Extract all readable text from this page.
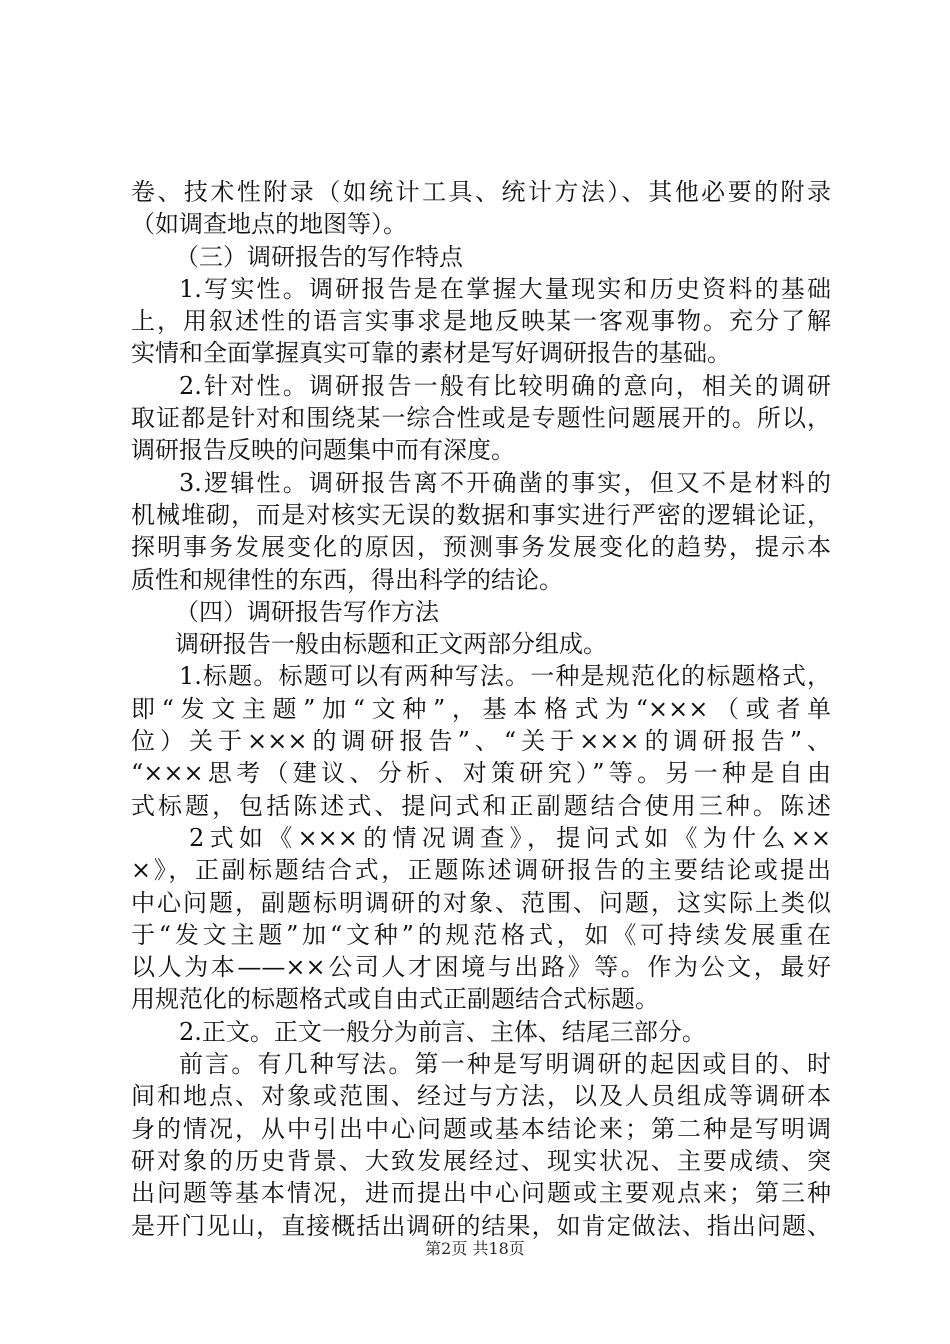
卷、技术性附录（如统计工具、统计方法）、其他必要的附录
（如调查地点的地图等）。
（三）调研报告的写作特点
1.写实性。调研报告是在掌握大量现实和历史资料的基础
上，用叙述性的语言实事求是地反映某一客观事物。充分了解
实情和全面掌握真实可靠的素材是写好调研报告的基础。
2.针对性。调研报告一般有比较明确的意向，相关的调研
取证都是针对和围绕某一综合性或是专题性问题展开的。所以，
调研报告反映的问题集中而有深度。
3.逻辑性。调研报告离不开确凿的事实，但又不是材料的
机械堆砌，而是对核实无误的数据和事实进行严密的逻辑论证，
探明事务发展变化的原因，预测事务发展变化的趋势，提示本
质性和规律性的东西，得出科学的结论。
（四）调研报告写作方法
调研报告一般由标题和正文两部分组成。
1.标题。标题可以有两种写法。一种是规范化的标题格式，
即“发文主题”加“文种”，基本格式为“×××（或者单
位）关于×××的调研报告”、“关于×××的调研报告”、
“×××思考（建议、分析、对策研究）”等。另一种是自由
式标题，包括陈述式、提问式和正副题结合使用三种。陈述
2式如《×××的情况调查》，提问式如《为什么××
×》，正副标题结合式，正题陈述调研报告的主要结论或提出
中心问题，副题标明调研的对象、范围、问题，这实际上类似
于“发文主题”加“文种”的规范格式，如《可持续发展重在
以人为本——××公司人才困境与出路》等。作为公文，最好
用规范化的标题格式或自由式正副题结合式标题。
2.正文。正文一般分为前言、主体、结尾三部分。
前言。有几种写法。第一种是写明调研的起因或目的、时
间和地点、对象或范围、经过与方法，以及人员组成等调研本
身的情况，从中引出中心问题或基本结论来；第二种是写明调
研对象的历史背景、大致发展经过、现实状况、主要成绩、突
出问题等基本情况，进而提出中心问题或主要观点来；第三种
是开门见山，直接概括出调研的结果，如肯定做法、指出问题、
第2页 共18页
